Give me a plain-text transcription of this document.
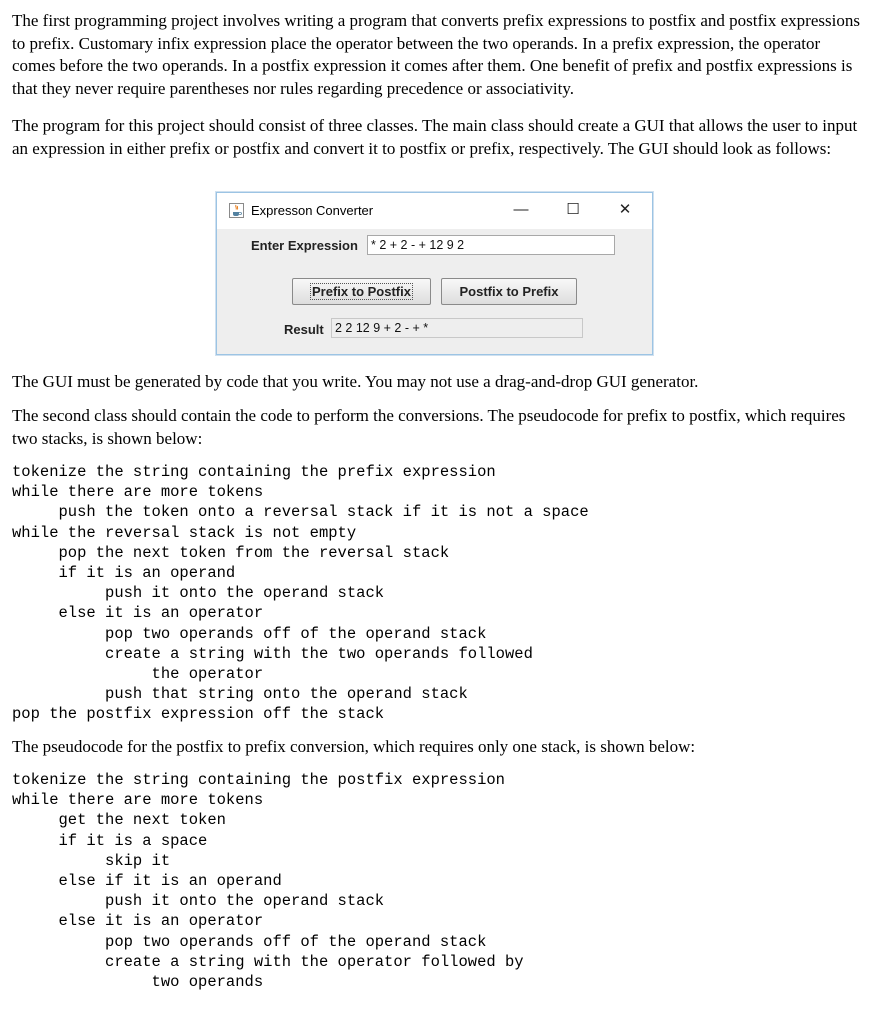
The first programming project involves writing a program that converts prefix expressions to postfix and postfix expressions to prefix. Customary infix expression place the operator between the two operands. In a prefix expression, the operator comes before the two operands. In a postfix expression it comes after them. One benefit of prefix and postfix expressions is that they never require parentheses nor rules regarding precedence or associativity.

The program for this project should consist of three classes. The main class should create a GUI that allows the user to input an expression in either prefix or postfix and convert it to postfix or prefix, respectively. The GUI should look as follows:

The GUI must be generated by code that you write. You may not use a drag-and-drop GUI generator.

The second class should contain the code to perform the conversions. The pseudocode for prefix to postfix, which requires two stacks, is shown below:

tokenize the string containing the prefix expression
while there are more tokens
push the token onto a reversal stack if it is not a space
while the reversal stack is not empty
pop the next token from the reversal stack
if it is an operand
push it onto the operand stack
else it is an operator
pop two operands off of the operand stack
create a string with the two operands followed
the operator
push that string onto the operand stack
pop the postfix expression off the stack

The pseudocode for the postfix to prefix conversion, which requires only one stack, is shown below:

tokenize the string containing the postfix expression
while there are more tokens
get the next token
if it is a space
skip it
else if it is an operand
push it onto the operand stack
else it is an operator
pop two operands off of the operand stack
create a string with the operator followed by
two operands
Expresson Converter	—	☐	✕
Enter Expression
* 2 + 2 - + 12 9 2
Prefix to Postfix	Postfix to Prefix
Result
2 2 12 9 + 2 - + *
